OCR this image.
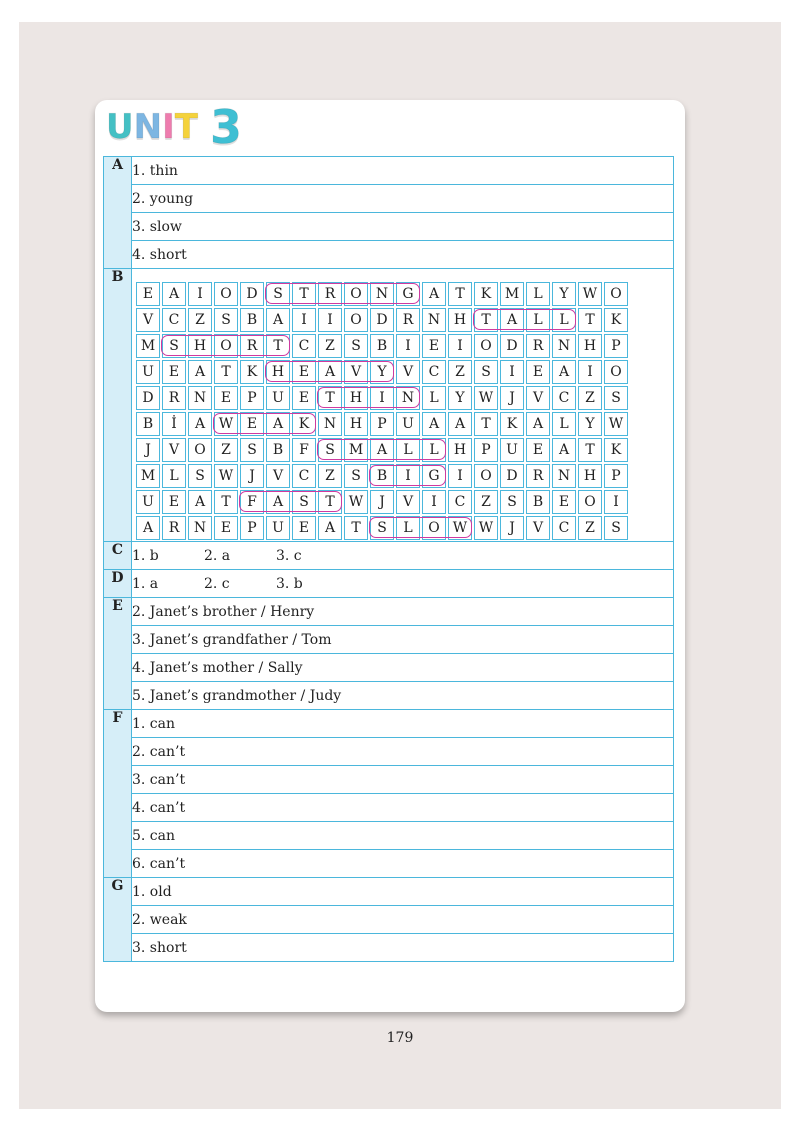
U N I T 3
A	1. thin
2. young
3. slow
4. short
B	
E	A	I	O	D	S	T	R	O	N	G	A	T	K	M	L	Y	W	O
V	C	Z	S	B	A	I	I	O	D	R	N	H	T	A	L	L	T	K
M	S	H	O	R	T	C	Z	S	B	I	E	I	O	D	R	N	H	P
U	E	A	T	K	H	E	A	V	Y	V	C	Z	S	I	E	A	I	O
D	R	N	E	P	U	E	T	H	I	N	L	Y	W	J	V	C	Z	S
B	İ	A	W	E	A	K	N	H	P	U	A	A	T	K	A	L	Y	W
J	V	O	Z	S	B	F	S	M	A	L	L	H	P	U	E	A	T	K
M	L	S	W	J	V	C	Z	S	B	I	G	I	O	D	R	N	H	P
U	E	A	T	F	A	S	T	W	J	V	I	C	Z	S	B	E	O	I
A	R	N	E	P	U	E	A	T	S	L	O	W	W	J	V	C	Z	S

C	1. b	2. a	3. c
D	1. a	2. c	3. b
E	2. Janet’s brother / Henry
3. Janet’s grandfather / Tom
4. Janet’s mother / Sally
5. Janet’s grandmother / Judy
F	1. can
2. can’t
3. can’t
4. can’t
5. can
6. can’t
G	1. old
2. weak
3. short
179
